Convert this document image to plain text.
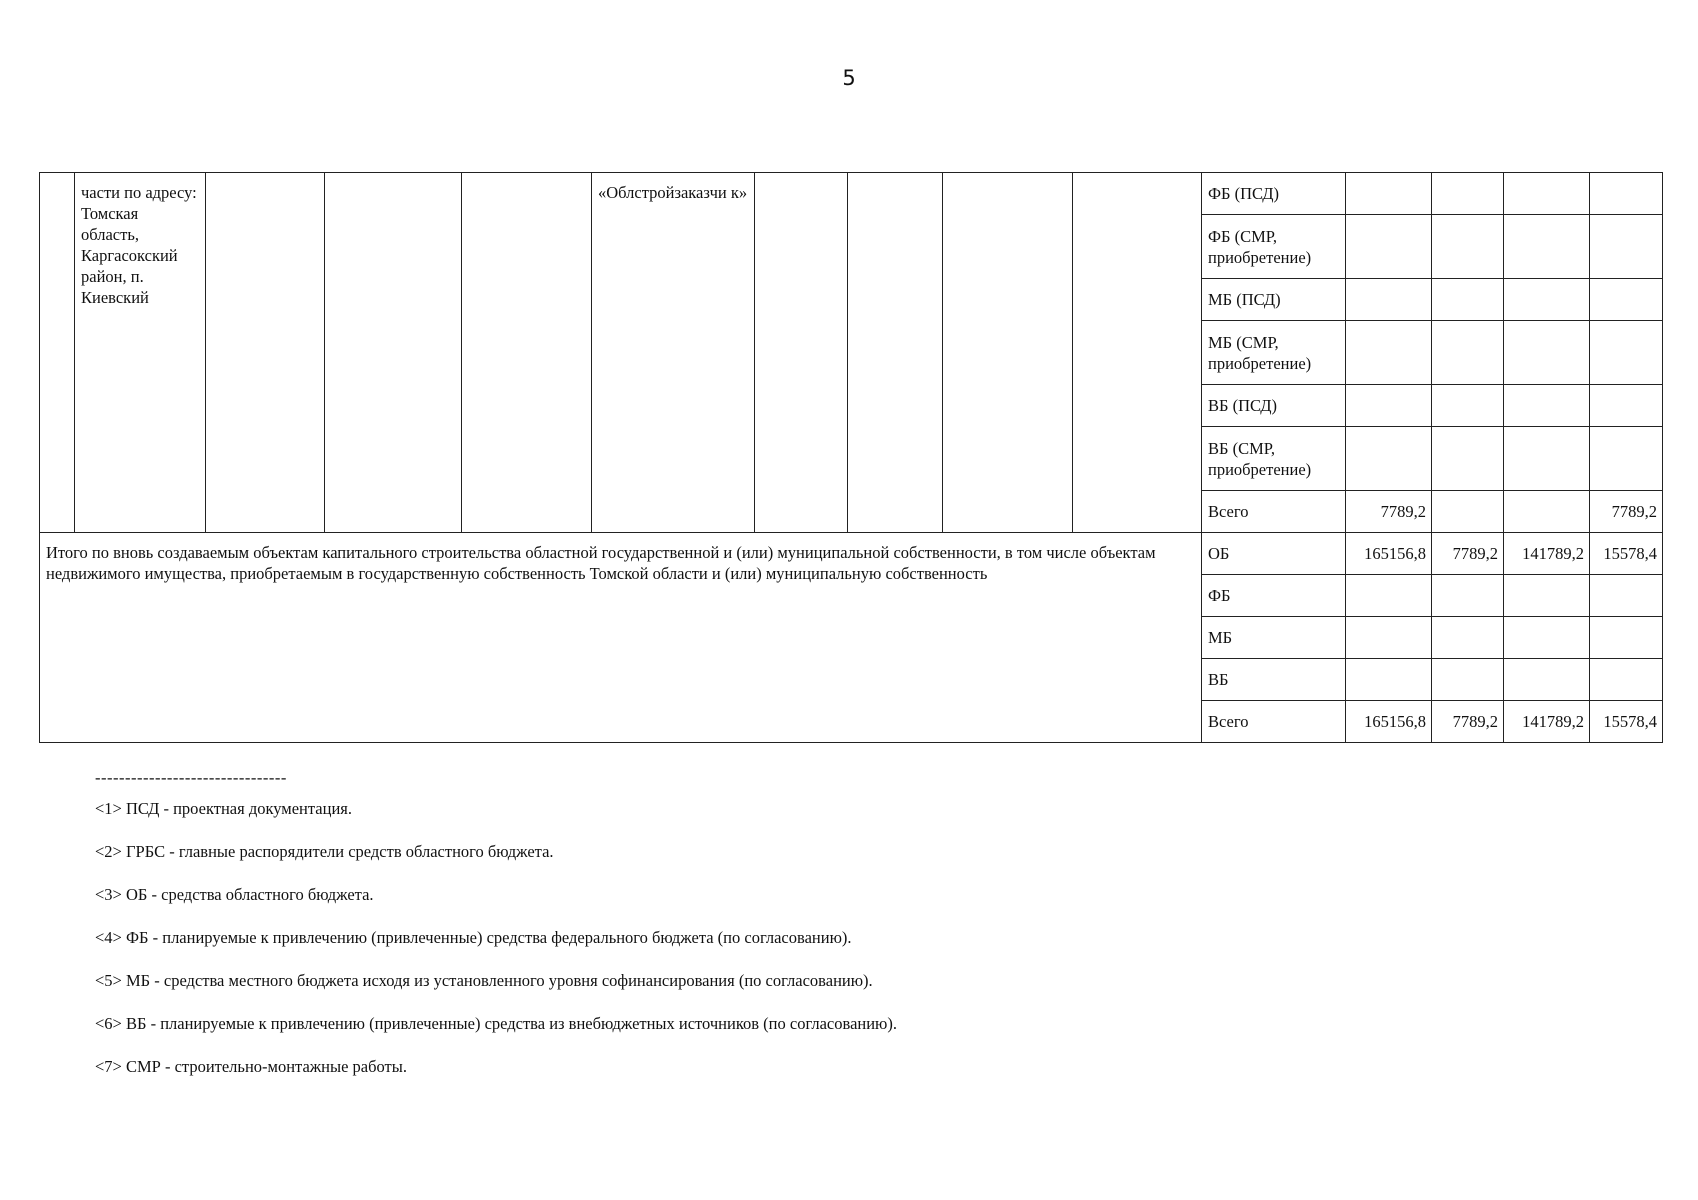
5
	части по адресу: Томская область, Каргасокский район, п. Киевский				«Облстройзаказчи к»					ФБ (ПСД)				
										ФБ (СМР, приобретение)				
										МБ (ПСД)				
										МБ (СМР, приобретение)				
										ВБ (ПСД)				
										ВБ (СМР, приобретение)				
										Всего	7789,2			7789,2
Итого по вновь создаваемым объектам капитального строительства областной государственной и (или) муниципальной собственности, в том числе объектам недвижимого имущества, приобретаемым в государственную собственность Томской области и (или) муниципальную собственность										ОБ	165156,8	7789,2	141789,2	15578,4
										ФБ				
										МБ				
										ВБ				
										Всего	165156,8	7789,2	141789,2	15578,4

--------------------------------

<1> ПСД - проектная документация.

<2> ГРБС - главные распорядители средств областного бюджета.

<3> ОБ - средства областного бюджета.

<4> ФБ - планируемые к привлечению (привлеченные) средства федерального бюджета (по согласованию).

<5> МБ - средства местного бюджета исходя из установленного уровня софинансирования (по согласованию).

<6> ВБ - планируемые к привлечению (привлеченные) средства из внебюджетных источников (по согласованию).

<7> СМР - строительно-монтажные работы.
